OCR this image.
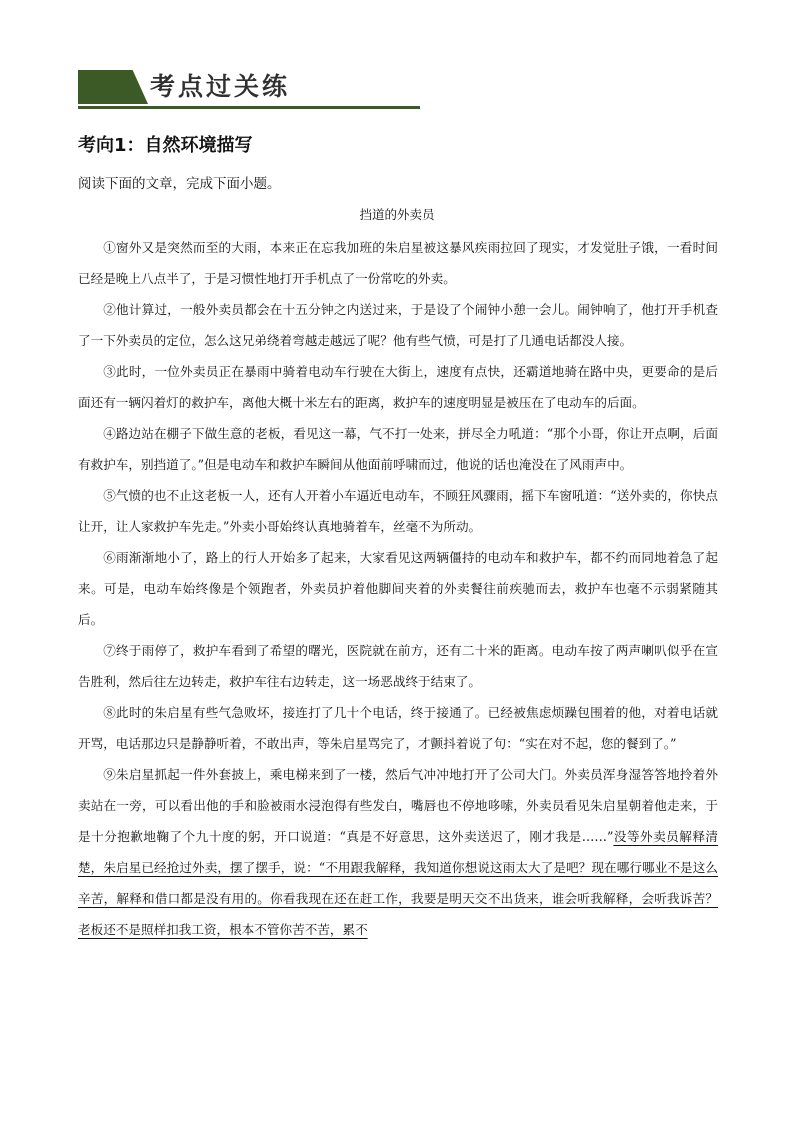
考点过关练
考向1：自然环境描写
阅读下面的文章，完成下面小题。
挡道的外卖员

①窗外又是突然而至的大雨，本来正在忘我加班的朱启星被这暴风疾雨拉回了现实，才发觉肚子饿，一看时间已经是晚上八点半了，于是习惯性地打开手机点了一份常吃的外卖。

②他计算过，一般外卖员都会在十五分钟之内送过来，于是设了个闹钟小憩一会儿。闹钟响了，他打开手机查了一下外卖员的定位，怎么这兄弟绕着弯越走越远了呢？他有些气愤，可是打了几通电话都没人接。

③此时，一位外卖员正在暴雨中骑着电动车行驶在大街上，速度有点快，还霸道地骑在路中央，更要命的是后面还有一辆闪着灯的救护车，离他大概十米左右的距离，救护车的速度明显是被压在了电动车的后面。

④路边站在棚子下做生意的老板，看见这一幕，气不打一处来，拼尽全力吼道：“那个小哥，你让开点啊，后面有救护车，别挡道了。”但是电动车和救护车瞬间从他面前呼啸而过，他说的话也淹没在了风雨声中。

⑤气愤的也不止这老板一人，还有人开着小车逼近电动车，不顾狂风骤雨，摇下车窗吼道：“送外卖的，你快点让开，让人家救护车先走。”外卖小哥始终认真地骑着车，丝毫不为所动。

⑥雨渐渐地小了，路上的行人开始多了起来，大家看见这两辆僵持的电动车和救护车，都不约而同地着急了起来。可是，电动车始终像是个领跑者，外卖员护着他脚间夹着的外卖餐往前疾驰而去，救护车也毫不示弱紧随其后。

⑦终于雨停了，救护车看到了希望的曙光，医院就在前方，还有二十米的距离。电动车按了两声喇叭似乎在宣告胜利，然后往左边转走，救护车往右边转走，这一场恶战终于结束了。

⑧此时的朱启星有些气急败坏，接连打了几十个电话，终于接通了。已经被焦虑烦躁包围着的他，对着电话就开骂，电话那边只是静静听着，不敢出声，等朱启星骂完了，才颤抖着说了句：“实在对不起，您的餐到了。”

⑨朱启星抓起一件外套披上，乘电梯来到了一楼，然后气冲冲地打开了公司大门。外卖员浑身湿答答地拎着外卖站在一旁，可以看出他的手和脸被雨水浸泡得有些发白，嘴唇也不停地哆嗦，外卖员看见朱启星朝着他走来，于是十分抱歉地鞠了个九十度的躬，开口说道：“真是不好意思，这外卖送迟了，刚才我是……”没等外卖员解释清楚，朱启星已经抢过外卖，摆了摆手，说：“不用跟我解释，我知道你想说这雨太大了是吧？现在哪行哪业不是这么辛苦，解释和借口都是没有用的。你看我现在还在赶工作，我要是明天交不出货来，谁会听我解释，会听我诉苦？老板还不是照样扣我工资，根本不管你苦不苦，累不
